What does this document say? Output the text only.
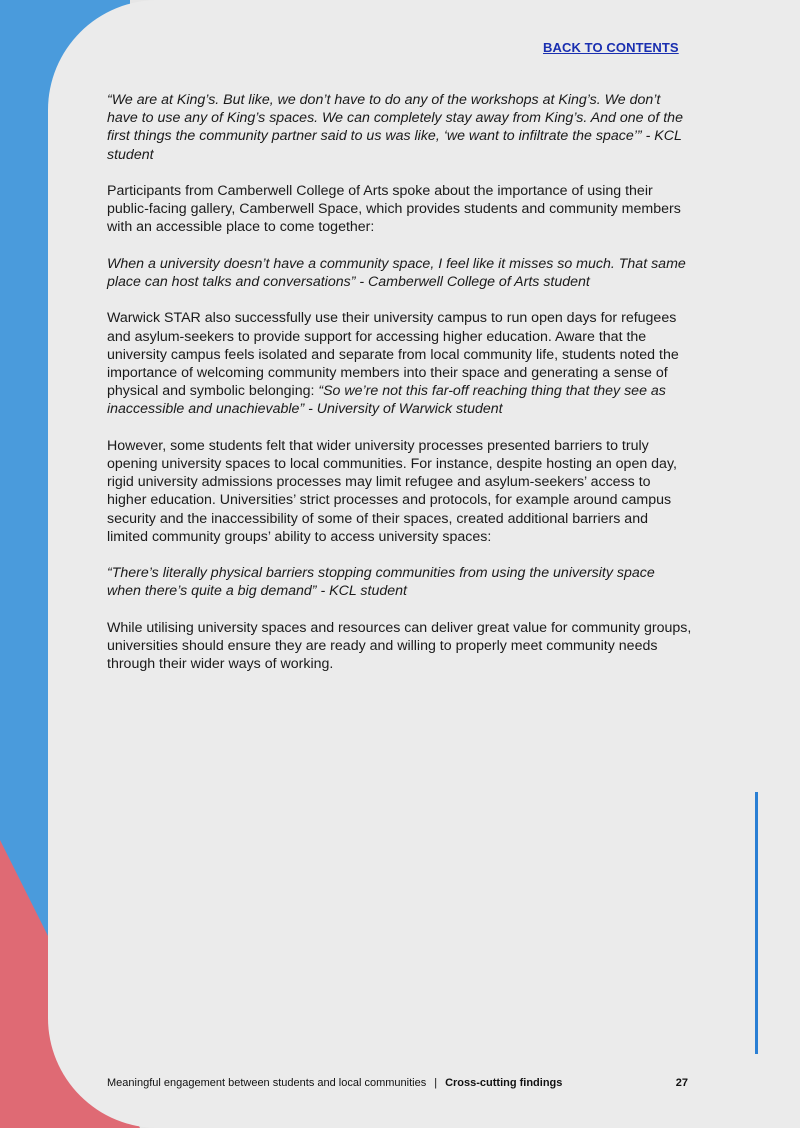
BACK TO CONTENTS

“We are at King’s. But like, we don’t have to do any of the workshops at King’s. We don’t have to use any of King’s spaces. We can completely stay away from King’s. And one of the first things the community partner said to us was like, ‘we want to infiltrate the space’” - KCL student

Participants from Camberwell College of Arts spoke about the importance of using their public-facing gallery, Camberwell Space, which provides students and community members with an accessible place to come together:

When a university doesn’t have a community space, I feel like it misses so much. That same place can host talks and conversations” - Camberwell College of Arts student

Warwick STAR also successfully use their university campus to run open days for refugees and asylum-seekers to provide support for accessing higher education. Aware that the university campus feels isolated and separate from local community life, students noted the importance of welcoming community members into their space and generating a sense of physical and symbolic belonging: “So we’re not this far-off reaching thing that they see as inaccessible and unachievable” - University of Warwick student

However, some students felt that wider university processes presented barriers to truly opening university spaces to local communities. For instance, despite hosting an open day, rigid university admissions processes may limit refugee and asylum-seekers’ access to higher education. Universities’ strict processes and protocols, for example around campus security and the inaccessibility of some of their spaces, created additional barriers and limited community groups’ ability to access university spaces:

“There’s literally physical barriers stopping communities from using the university space when there’s quite a big demand” - KCL student

While utilising university spaces and resources can deliver great value for community groups, universities should ensure they are ready and willing to properly meet community needs through their wider ways of working.

Meaningful engagement between students and local communities | Cross-cutting findings	27
